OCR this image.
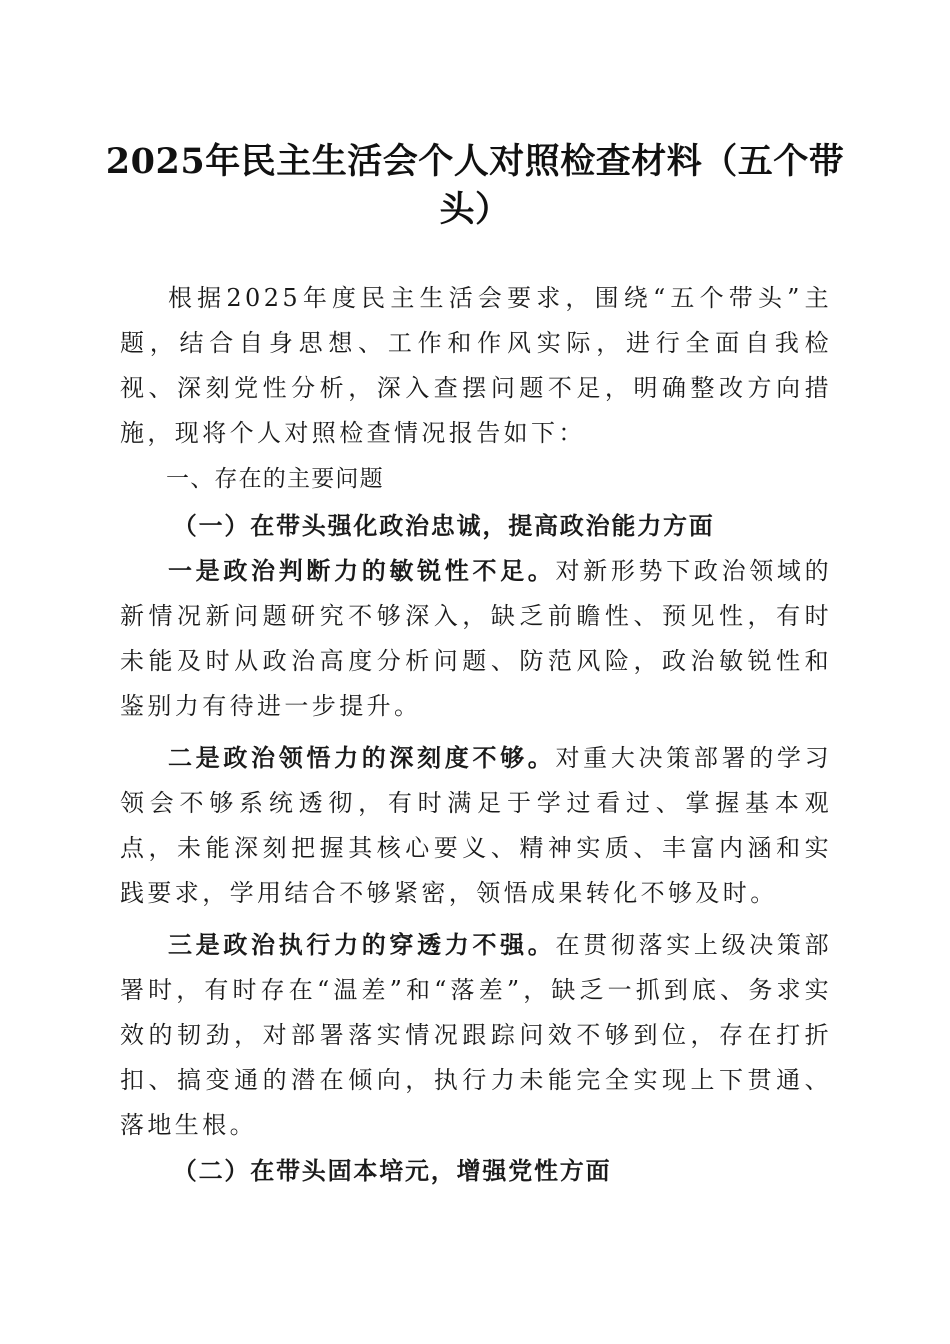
2025年民主生活会个人对照检查材料（五个带头）

根据2025年度民主生活会要求，围绕“五个带头”主题，结合自身思想、工作和作风实际，进行全面自我检视、深刻党性分析，深入查摆问题不足，明确整改方向措施，现将个人对照检查情况报告如下：

一、存在的主要问题

（一）在带头强化政治忠诚，提高政治能力方面

一是政治判断力的敏锐性不足。对新形势下政治领域的新情况新问题研究不够深入，缺乏前瞻性、预见性，有时未能及时从政治高度分析问题、防范风险，政治敏锐性和鉴别力有待进一步提升。

二是政治领悟力的深刻度不够。对重大决策部署的学习领会不够系统透彻，有时满足于学过看过、掌握基本观点，未能深刻把握其核心要义、精神实质、丰富内涵和实践要求，学用结合不够紧密，领悟成果转化不够及时。

三是政治执行力的穿透力不强。在贯彻落实上级决策部署时，有时存在“温差”和“落差”，缺乏一抓到底、务求实效的韧劲，对部署落实情况跟踪问效不够到位，存在打折扣、搞变通的潜在倾向，执行力未能完全实现上下贯通、落地生根。

（二）在带头固本培元，增强党性方面
